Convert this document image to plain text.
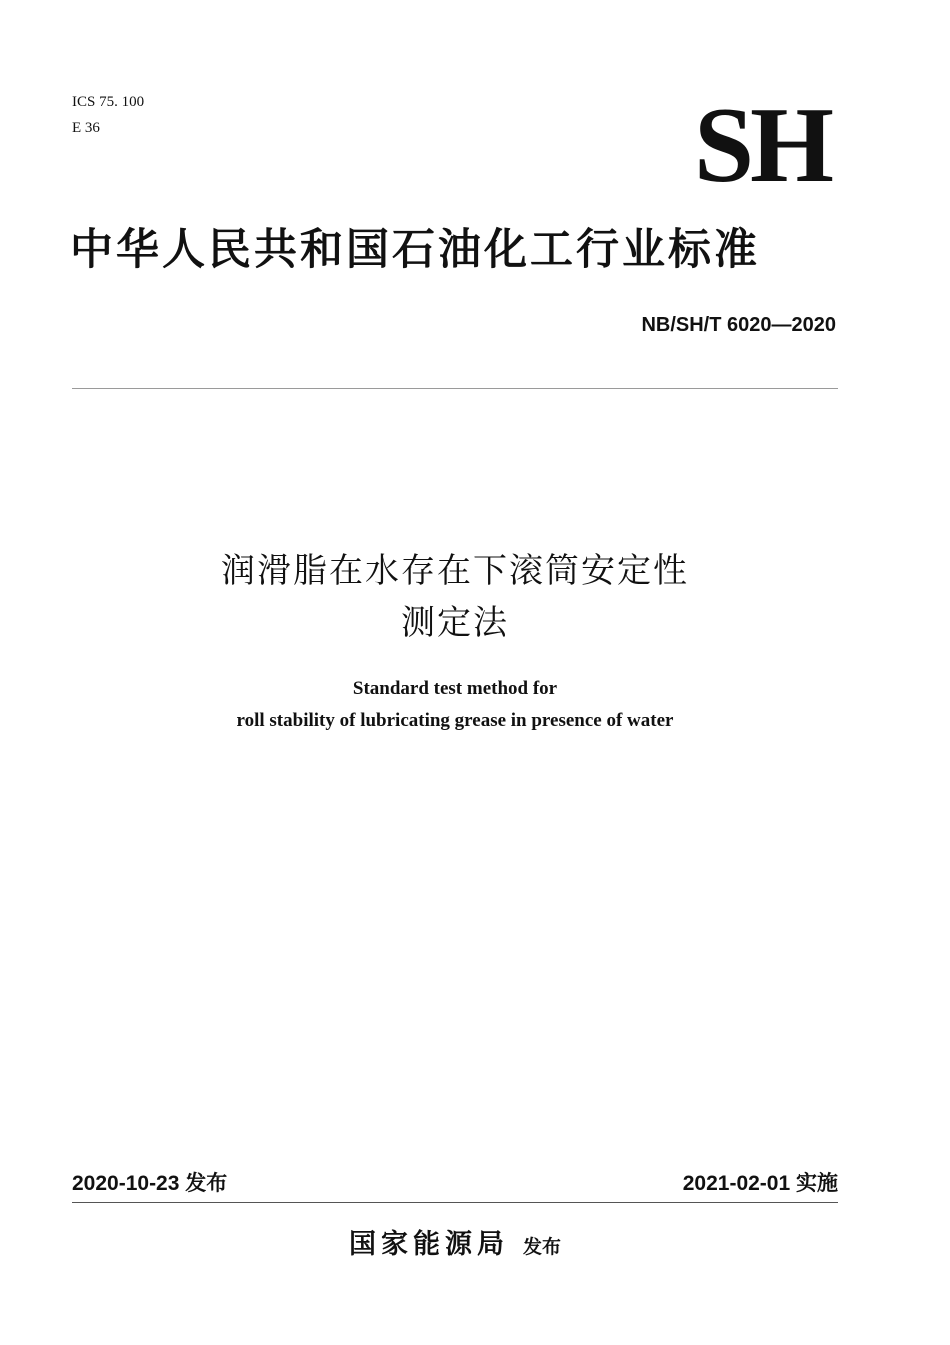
ICS 75. 100
E 36	SH
中华人民共和国石油化工行业标准
NB/SH/T 6020—2020
润滑脂在水存在下滚筒安定性
测定法
Standard test method for
roll stability of lubricating grease in presence of water
2020-10-23 发布	2021-02-01 实施
国家能源局 发布
